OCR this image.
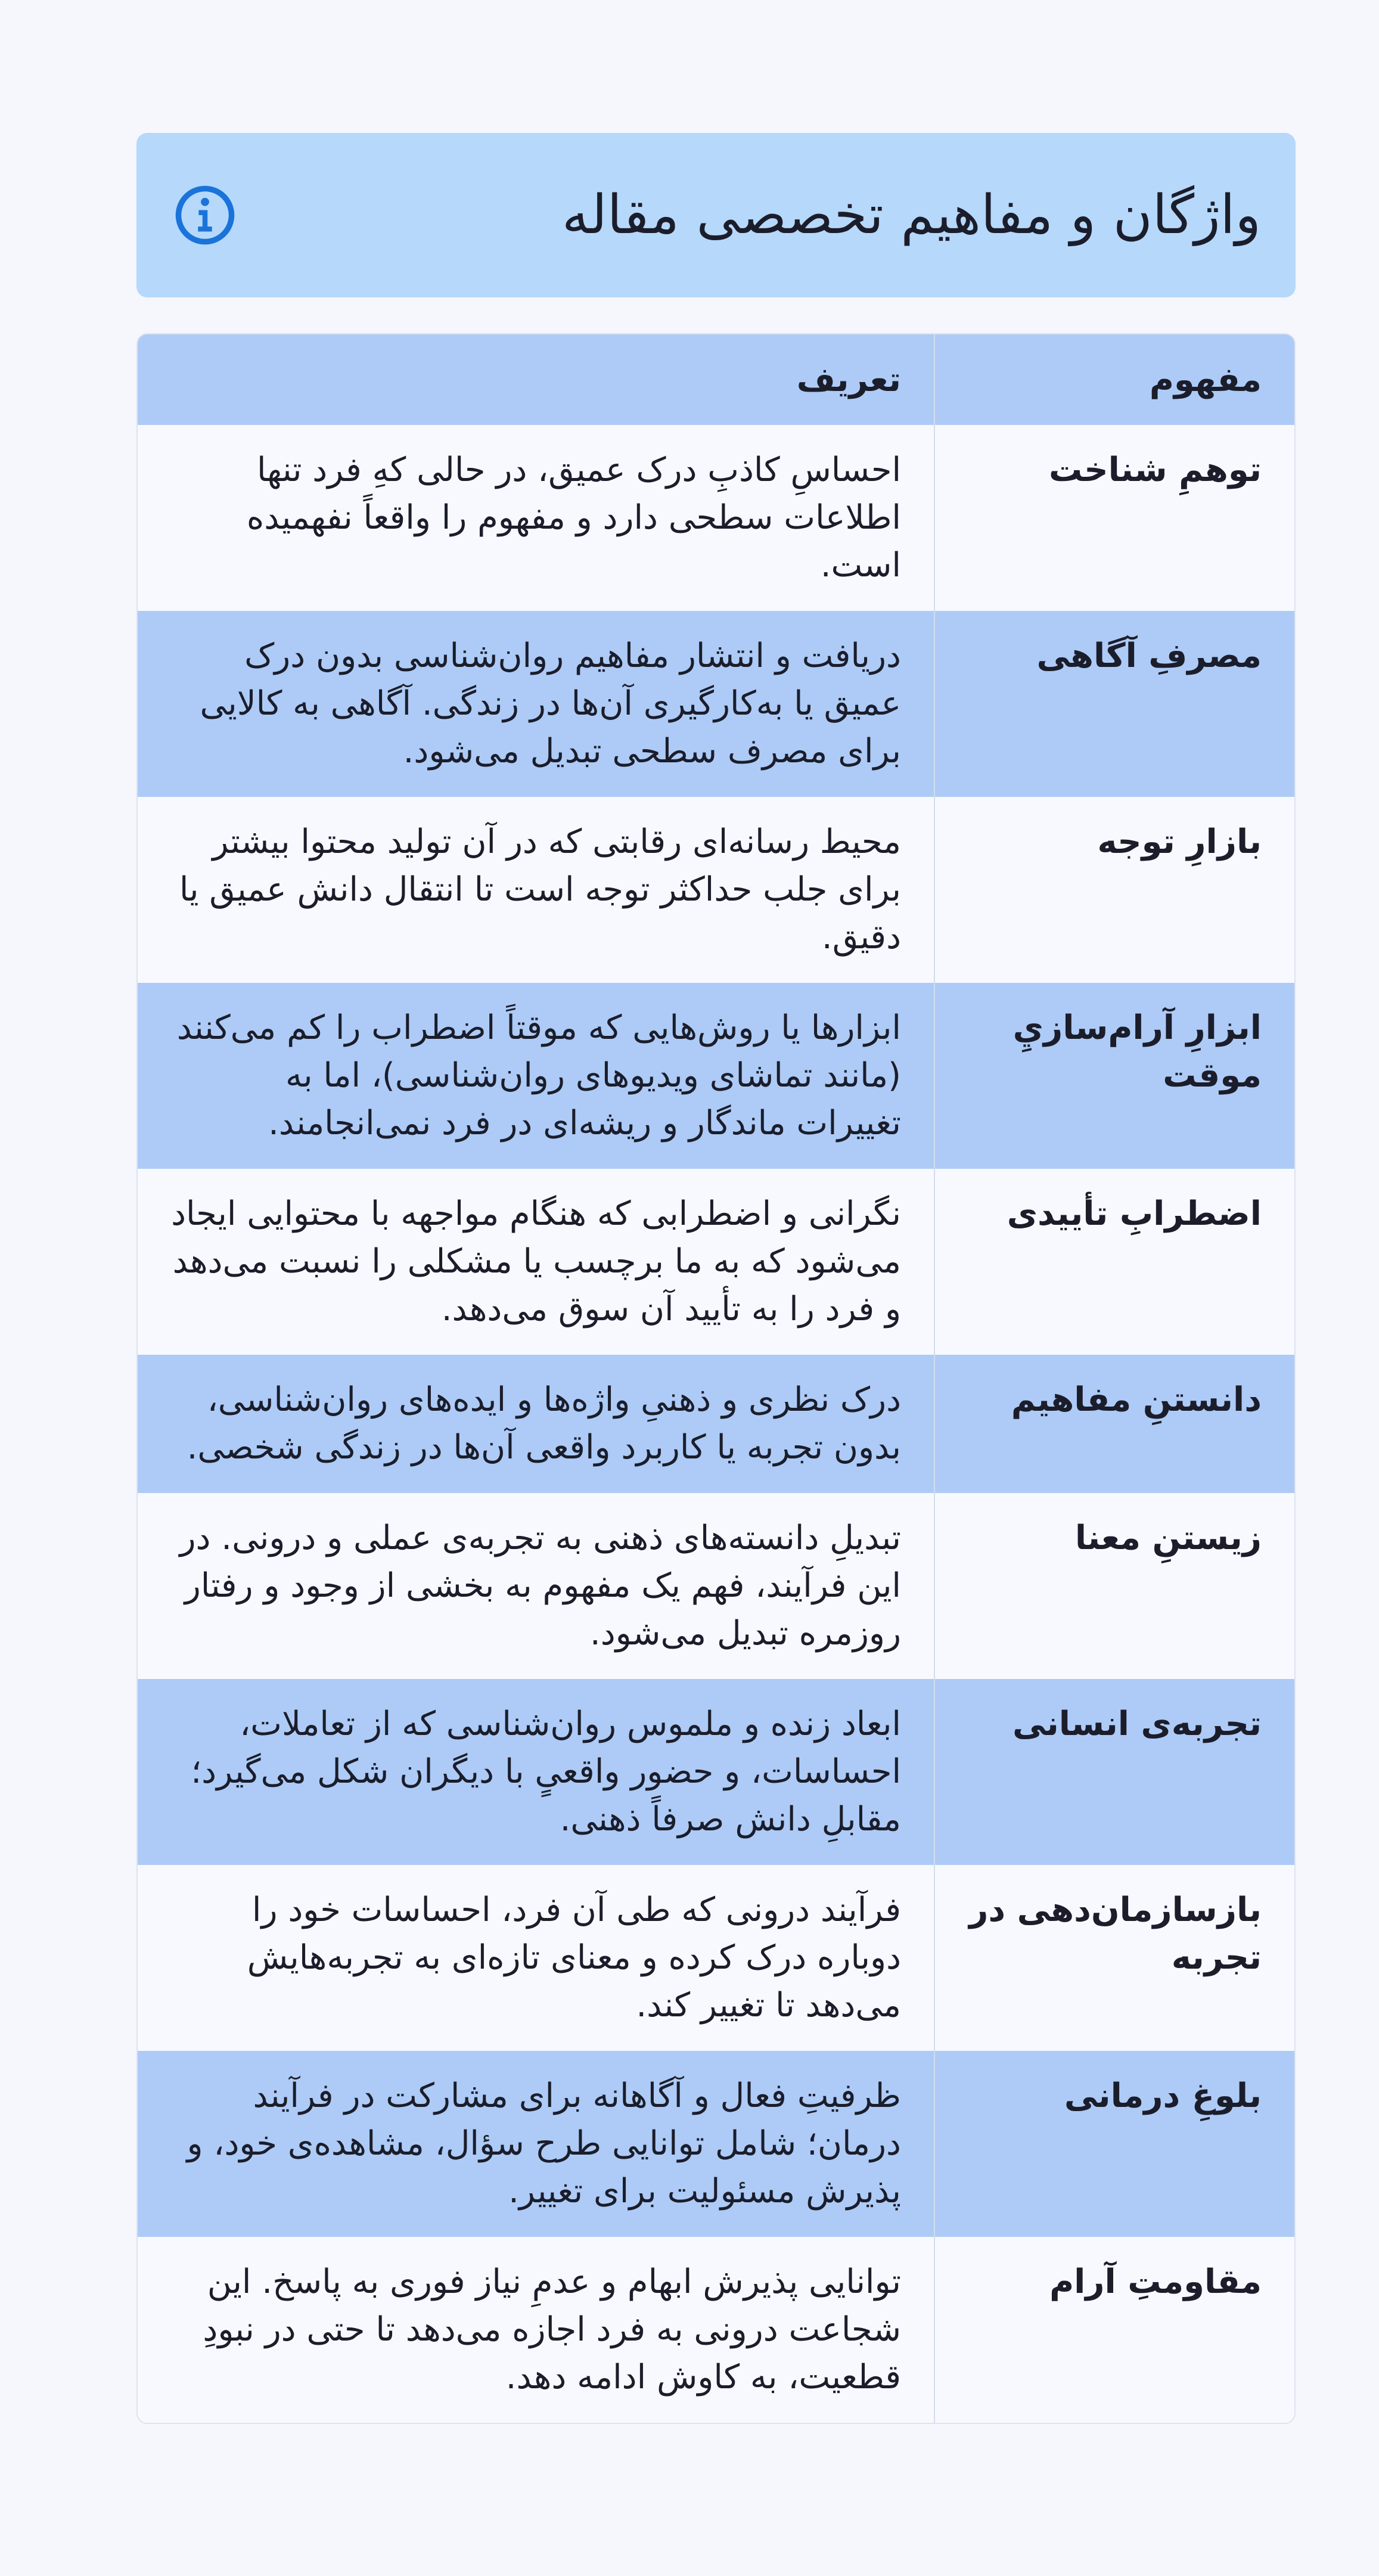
واژگان و مفاهیم تخصصی مقاله
مفهوم	تعریف
توهمِ شناخت	احساسِ کاذبِ درک عمیق، در حالی کهِ فرد تنها اطلاعات سطحی دارد و مفهوم را واقعاً نفهمیده است.
مصرفِ آگاهی	دریافت و انتشار مفاهیم روان‌شناسی بدون درک عمیق یا به‌کارگیری آن‌ها در زندگی. آگاهی به کالایی برای مصرف سطحی تبدیل می‌شود.
بازارِ توجه	محیط رسانه‌ای رقابتی که در آن تولید محتوا بیشتر برای جلب حداکثر توجه است تا انتقال دانش عمیق یا دقیق.
ابزارِ آرام‌سازيِ موقت	ابزارها یا روش‌هایی که موقتاً اضطراب را کم می‌کنند (مانند تماشای ویدیوهای روان‌شناسی)، اما به تغییرات ماندگار و ریشه‌ای در فرد نمی‌انجامند.
اضطرابِ تأییدی	نگرانی و اضطرابی که هنگام مواجهه با محتوایی ایجاد می‌شود که به ما برچسب یا مشکلی را نسبت می‌دهد و فرد را به تأیید آن سوق می‌دهد.
دانستنِ مفاهیم	درک نظری و ذهنیِ واژه‌ها و ایده‌های روان‌شناسی، بدون تجربه یا کاربرد واقعی آن‌ها در زندگی شخصی.
زیستنِ معنا	تبدیلِ دانسته‌های ذهنی به تجربه‌ی عملی و درونی. در این فرآیند، فهم یک مفهوم به بخشی از وجود و رفتار روزمره تبدیل می‌شود.
تجربه‌ی انسانی	ابعاد زنده و ملموس روان‌شناسی که از تعاملات، احساسات، و حضور واقعیٍ با دیگران شکل می‌گیرد؛ مقابلِ دانش صرفاً ذهنی.
بازسازمان‌دهی در تجربه	فرآیند درونی که طی آن فرد، احساسات خود را دوباره درک کرده و معنای تازه‌ای به تجربه‌هایش می‌دهد تا تغییر کند.
بلوغِ درمانی	ظرفیتِ فعال و آگاهانه برای مشارکت در فرآیند درمان؛ شامل توانایی طرح سؤال، مشاهده‌ی خود، و پذیرش مسئولیت برای تغییر.
مقاومتِ آرام	توانایی پذیرش ابهام و عدمِ نیاز فوری به پاسخ. این شجاعت درونی به فرد اجازه می‌دهد تا حتی در نبودِ قطعیت، به کاوش ادامه دهد.
